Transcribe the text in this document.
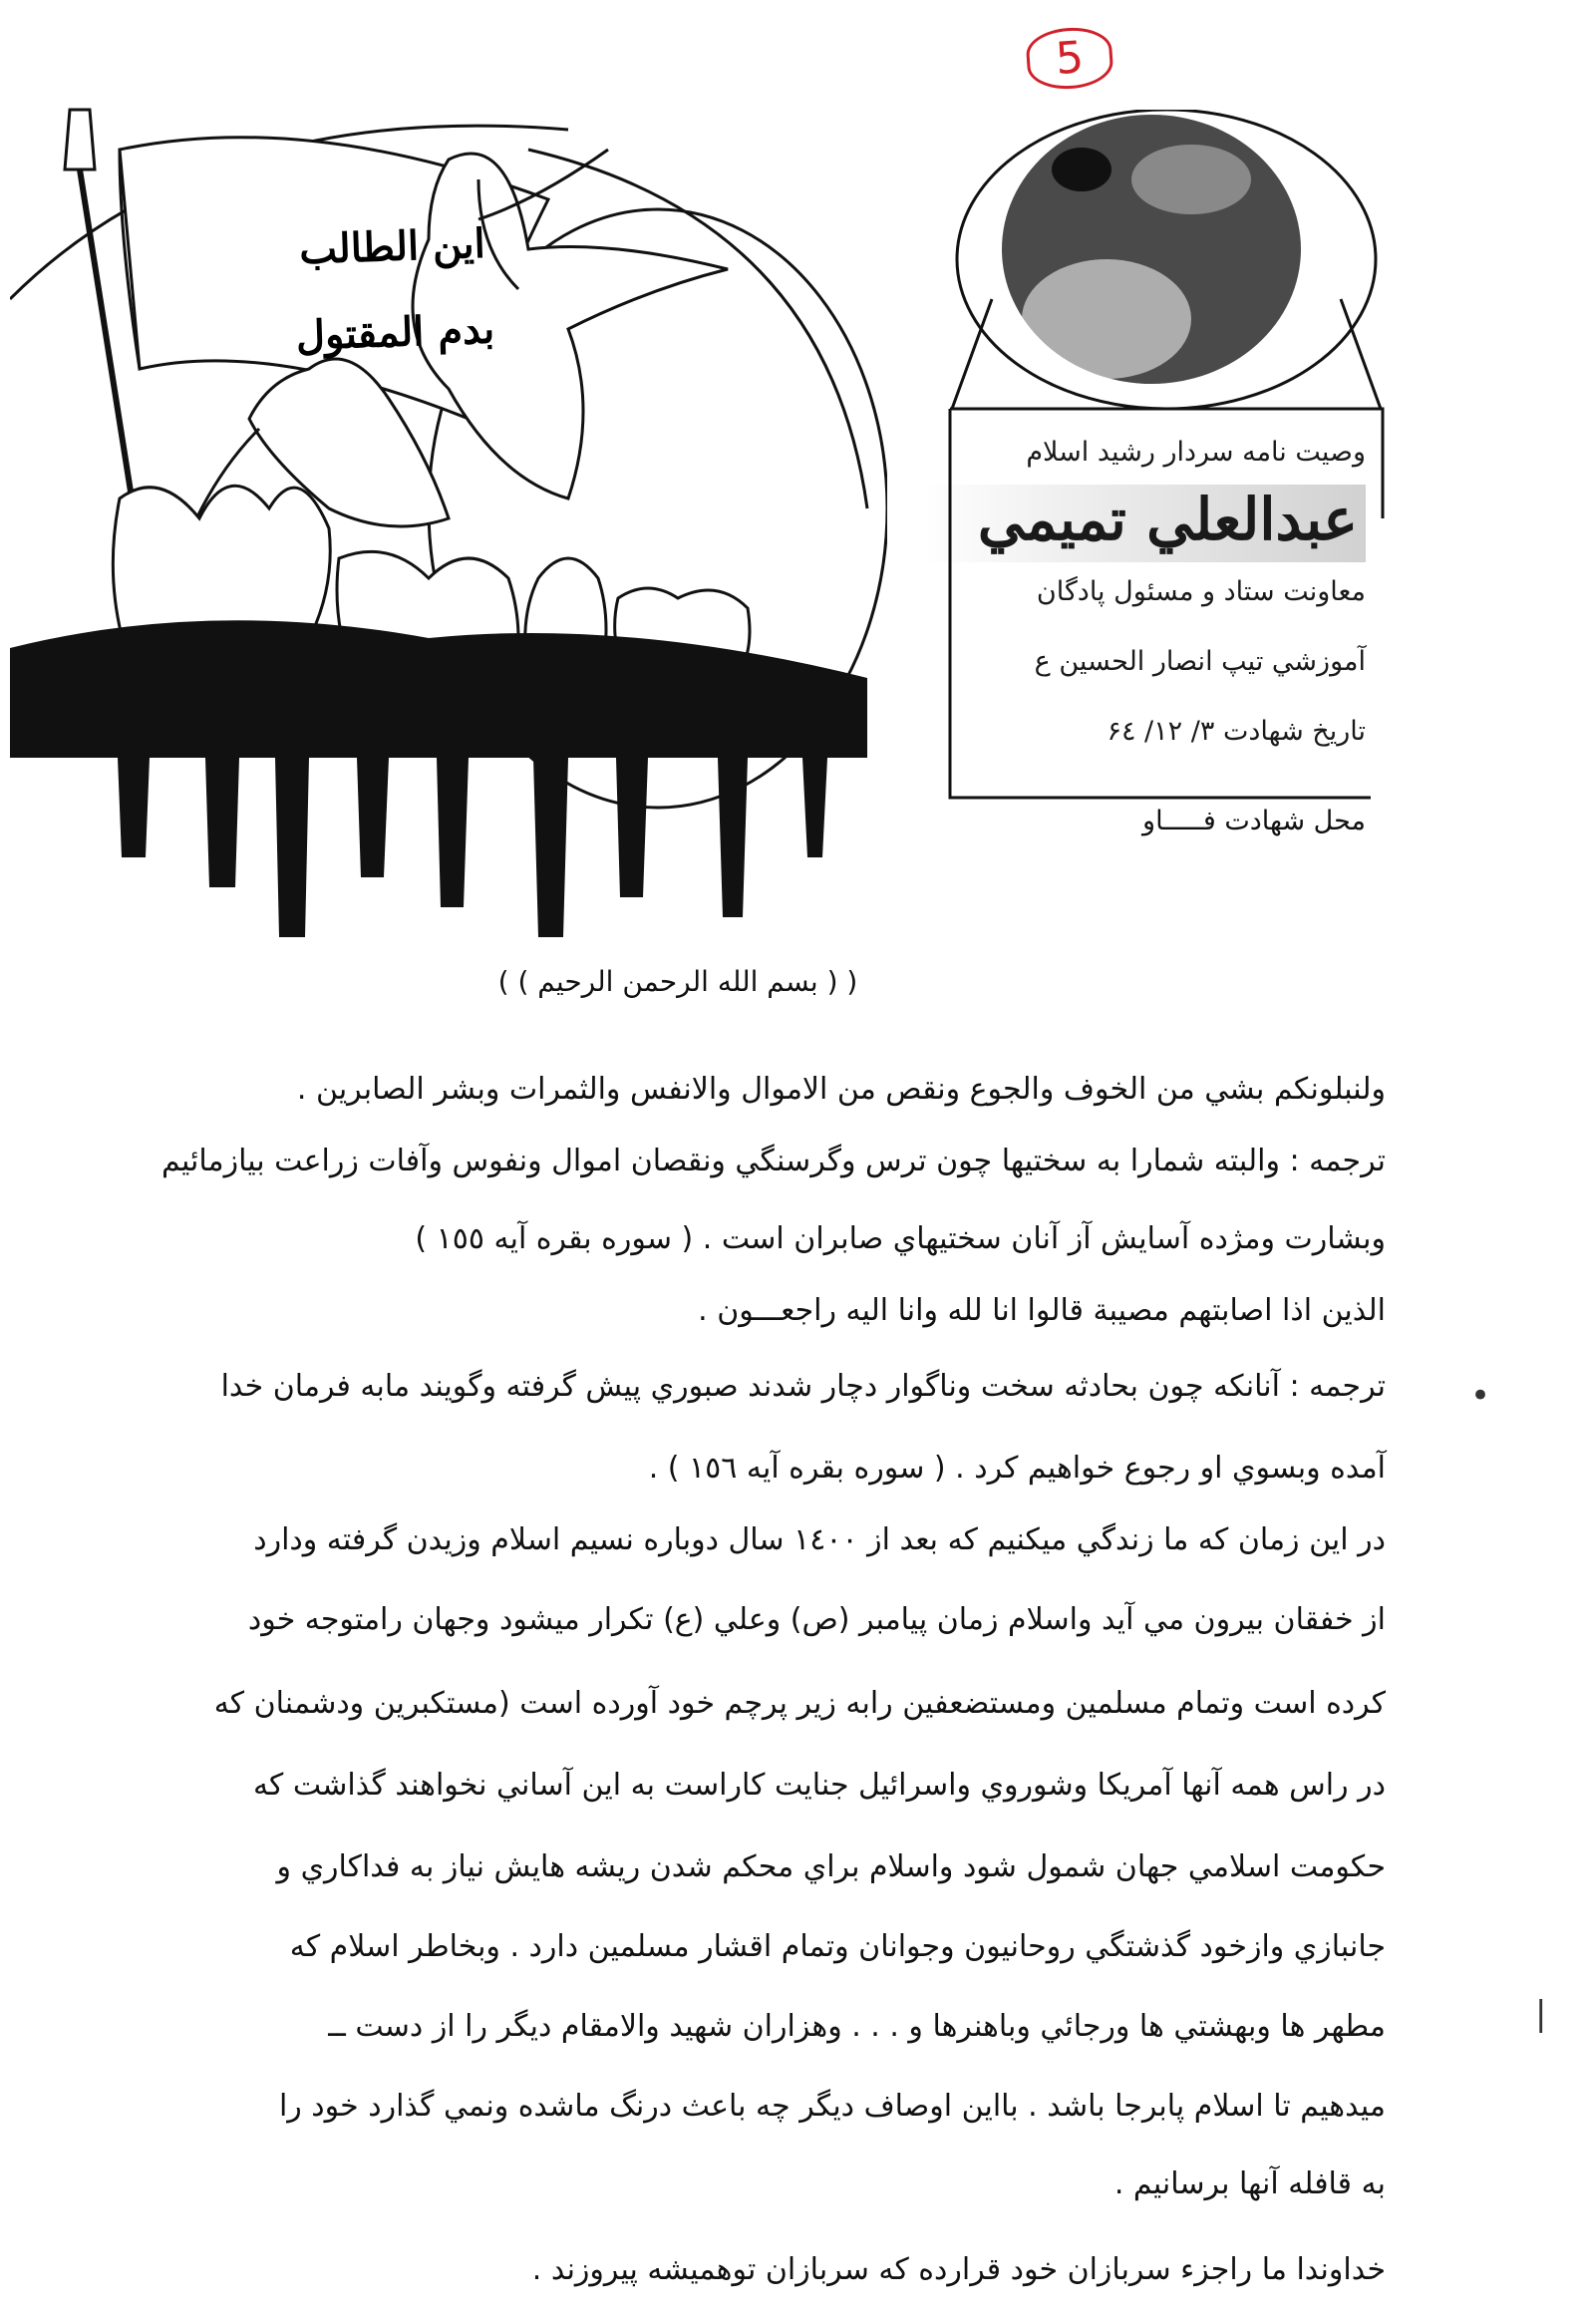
5
اين الطالب
بدم المقتول
وصيت نامه سردار رشيد اسلام
عبدالعلي تميمي
معاونت ستاد و مسئول پادگان
آموزشي تيپ انصار الحسين ع
تاريخ شهادت ۳/ ۱۲/ ۶٤
محل شهادت فـــــاو
( ( بسم الله الرحمن الرحيم ) )

ولنبلونكم بشي من الخوف والجوع ونقص من الاموال والانفس والثمرات وبشر الصابرين .

ترجمه : والبته شمارا به سختيها چون ترس وگرسنگي ونقصان اموال ونفوس وآفات زراعت بيازمائيم

وبشارت ومژده آسايش آز آنان سختيهاي صابران است . ( سوره بقره آيه ١٥٥ )

الذين اذا اصابتهم مصيبة قالوا انا لله وانا اليه راجعـــون .

ترجمه : آنانكه چون بحادثه سخت وناگوار دچار شدند صبوري پيش گرفته وگويند مابه فرمان خدا

آمده وبسوي او رجوع خواهيم كرد . ( سوره بقره آيه ١٥٦ ) .

در اين زمان كه ما زندگي ميكنيم كه بعد از ١٤٠٠ سال دوباره نسيم اسلام وزيدن گرفته ودارد

از خفقان بيرون مي آيد واسلام زمان پيامبر (ص) وعلي (ع) تكرار ميشود وجهان رامتوجه خود

كرده است وتمام مسلمين ومستضعفين رابه زير پرچم خود آورده است (مستكبرين ودشمنان كه

در راس همه آنها آمريكا وشوروي واسرائيل جنايت كاراست به اين آساني نخواهند گذاشت كه

حكومت اسلامي جهان شمول شود واسلام براي محكم شدن ريشه هايش نياز به فداكاري و

جانبازي وازخود گذشتگي روحانيون وجوانان وتمام اقشار مسلمين دارد . وبخاطر اسلام كه

مطهر ها وبهشتي ها ورجائي وباهنرها و . . . وهزاران شهيد والامقام ديگر را از دست ــ

ميدهيم تا اسلام پابرجا باشد . بااين اوصاف ديگر چه باعث درنگ ماشده ونمي گذارد خود را

به قافله آنها برسانيم .

خداوندا ما راجزء سربازان خود قرارده كه سربازان توهميشه پيروزند .

•
|
